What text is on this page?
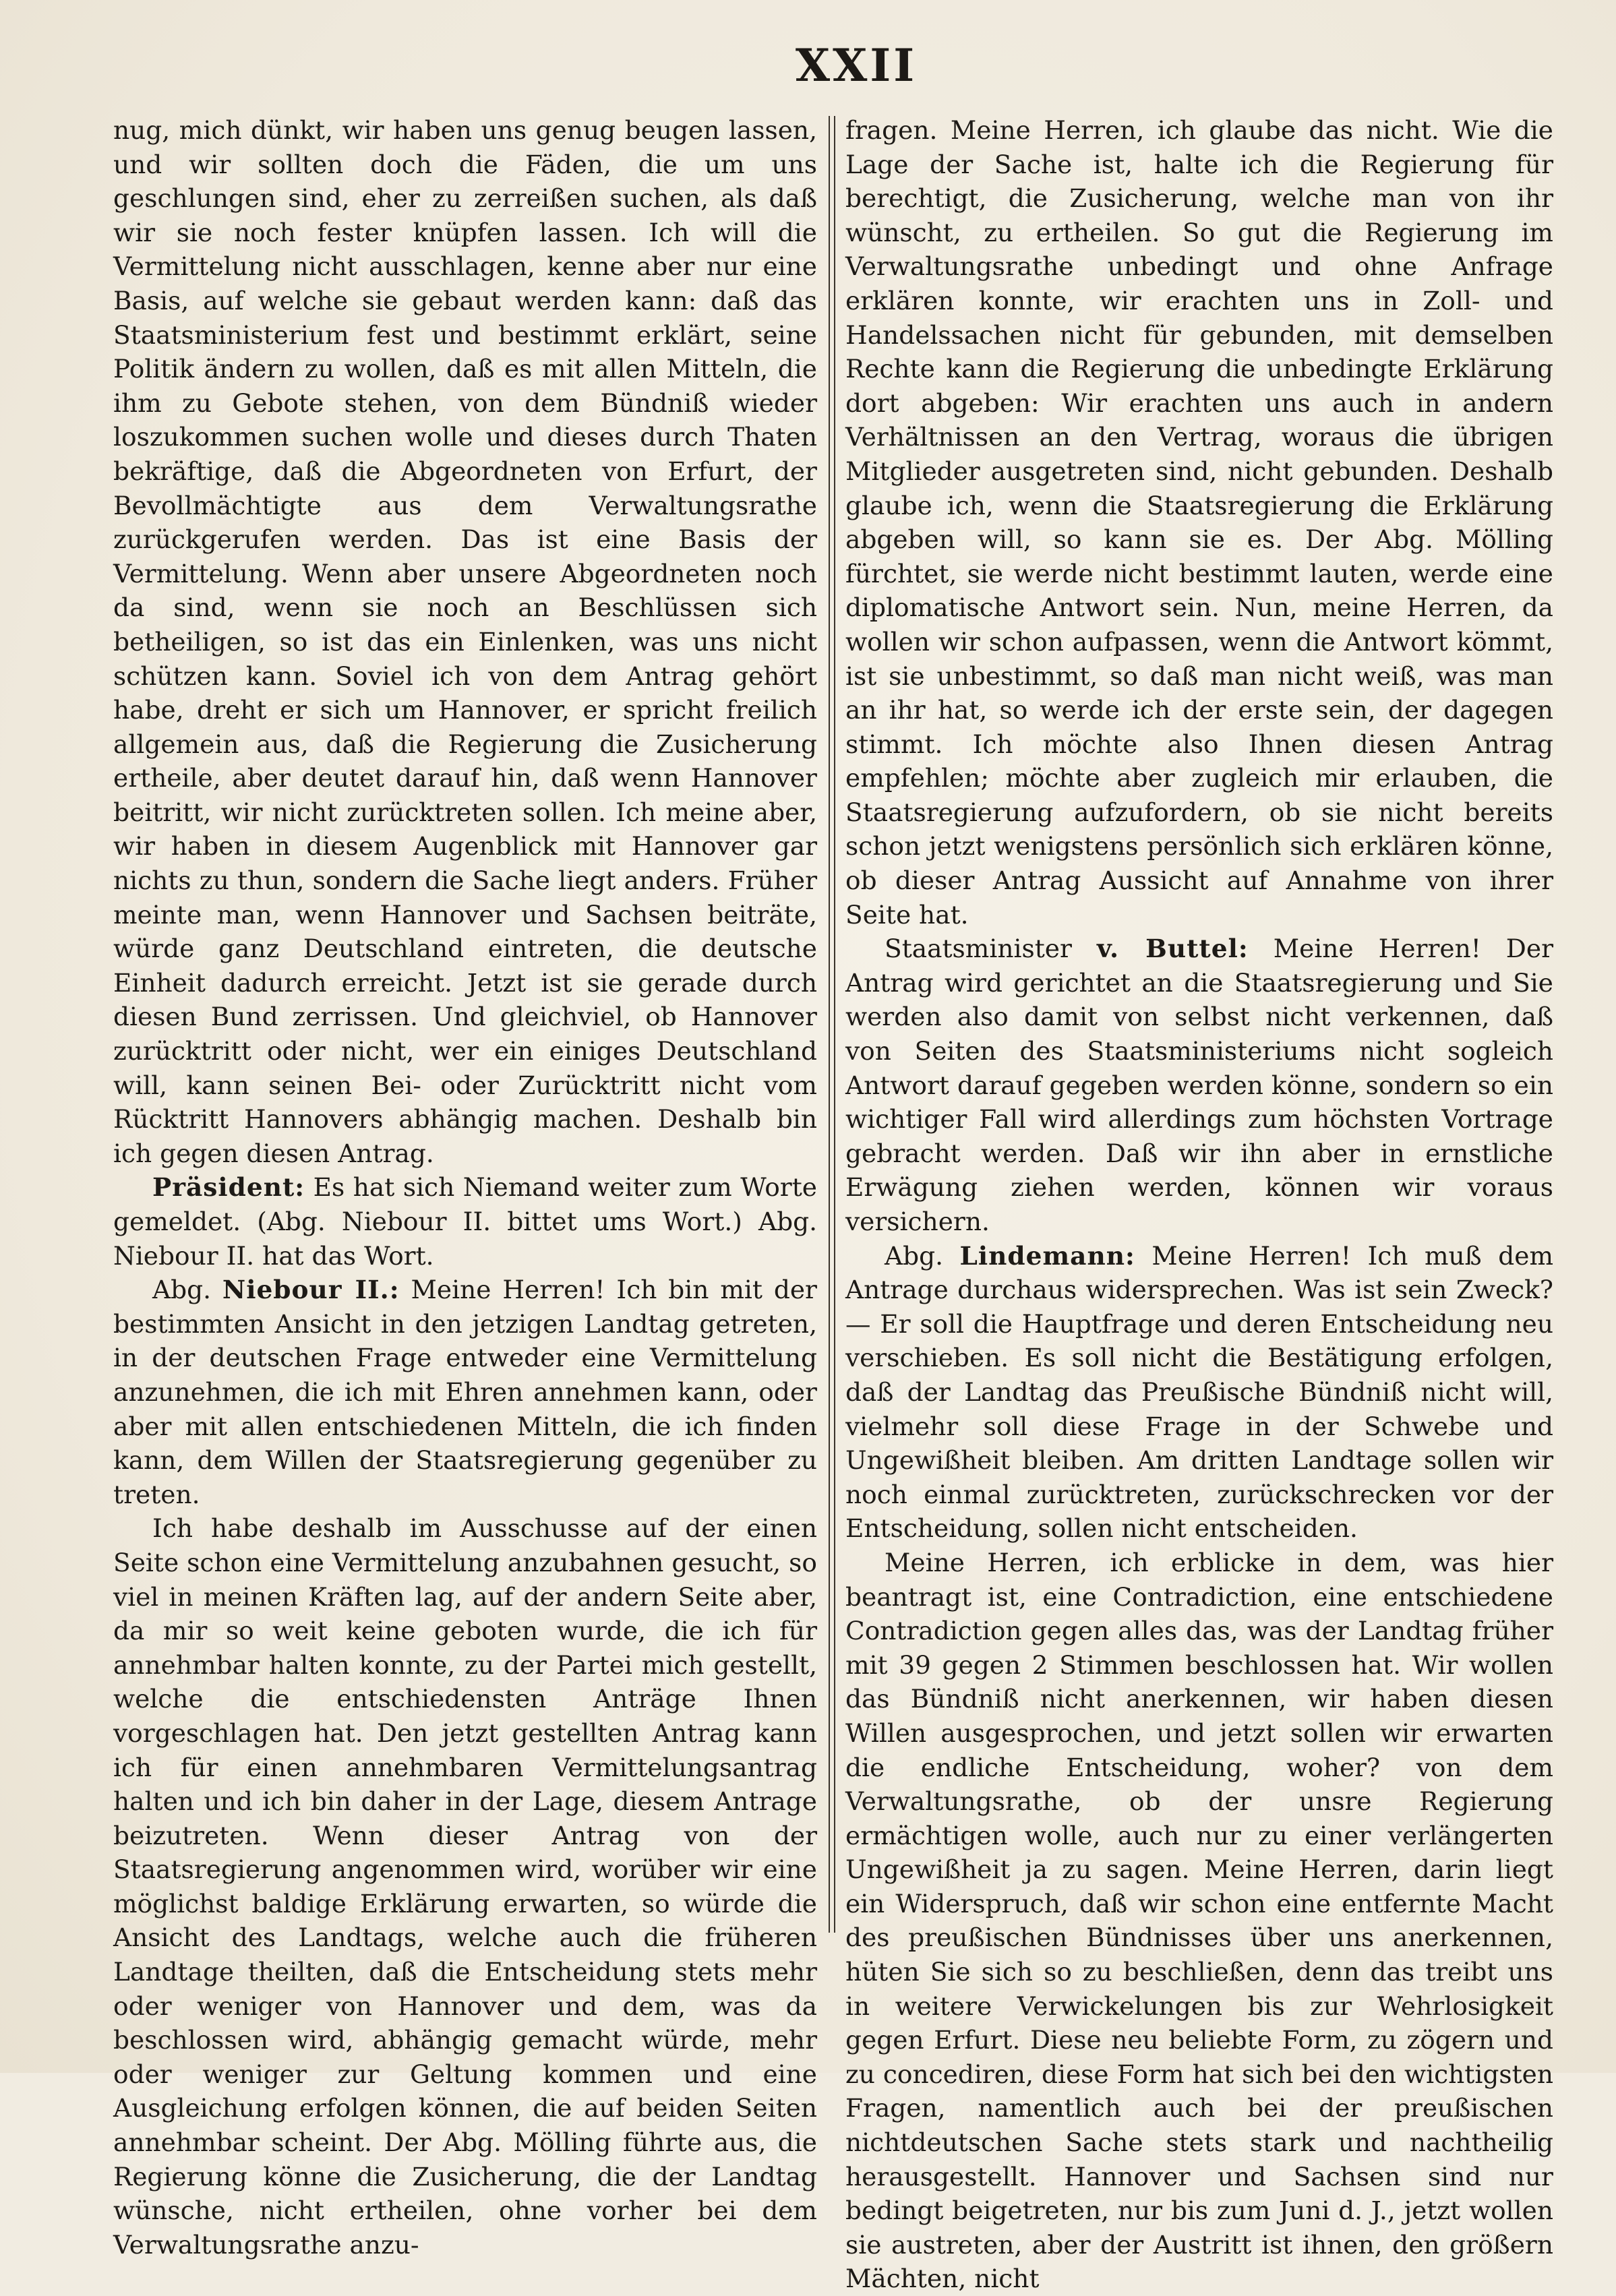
XXII

nug, mich dünkt, wir haben uns genug beugen lassen, und wir sollten doch die Fäden, die um uns geschlungen sind, eher zu zerreißen suchen, als daß wir sie noch fester knüpfen lassen. Ich will die Vermittelung nicht ausschlagen, kenne aber nur eine Basis, auf welche sie gebaut werden kann: daß das Staatsministerium fest und bestimmt erklärt, seine Politik ändern zu wollen, daß es mit allen Mitteln, die ihm zu Gebote stehen, von dem Bündniß wieder loszukommen suchen wolle und dieses durch Thaten bekräftige, daß die Abgeordneten von Erfurt, der Bevollmächtigte aus dem Verwaltungsrathe zurückgerufen werden. Das ist eine Basis der Vermittelung. Wenn aber unsere Abgeordneten noch da sind, wenn sie noch an Beschlüssen sich betheiligen, so ist das ein Einlenken, was uns nicht schützen kann. Soviel ich von dem Antrag gehört habe, dreht er sich um Hannover, er spricht freilich allgemein aus, daß die Regierung die Zusicherung ertheile, aber deutet darauf hin, daß wenn Hannover beitritt, wir nicht zurücktreten sollen. Ich meine aber, wir haben in diesem Augenblick mit Hannover gar nichts zu thun, sondern die Sache liegt anders. Früher meinte man, wenn Hannover und Sachsen beiträte, würde ganz Deutschland eintreten, die deutsche Einheit dadurch erreicht. Jetzt ist sie gerade durch diesen Bund zerrissen. Und gleichviel, ob Hannover zurücktritt oder nicht, wer ein einiges Deutschland will, kann seinen Bei- oder Zurücktritt nicht vom Rücktritt Hannovers abhängig machen. Deshalb bin ich gegen diesen Antrag.

Präsident: Es hat sich Niemand weiter zum Worte gemeldet. (Abg. Niebour II. bittet ums Wort.) Abg. Niebour II. hat das Wort.

Abg. Niebour II.: Meine Herren! Ich bin mit der bestimmten Ansicht in den jetzigen Landtag getreten, in der deutschen Frage entweder eine Vermittelung anzunehmen, die ich mit Ehren annehmen kann, oder aber mit allen entschiedenen Mitteln, die ich finden kann, dem Willen der Staatsregierung gegenüber zu treten.

Ich habe deshalb im Ausschusse auf der einen Seite schon eine Vermittelung anzubahnen gesucht, so viel in meinen Kräften lag, auf der andern Seite aber, da mir so weit keine geboten wurde, die ich für annehmbar halten konnte, zu der Partei mich gestellt, welche die entschiedensten Anträge Ihnen vorgeschlagen hat. Den jetzt gestellten Antrag kann ich für einen annehmbaren Vermittelungsantrag halten und ich bin daher in der Lage, diesem Antrage beizutreten. Wenn dieser Antrag von der Staatsregierung angenommen wird, worüber wir eine möglichst baldige Erklärung erwarten, so würde die Ansicht des Landtags, welche auch die früheren Landtage theilten, daß die Entscheidung stets mehr oder weniger von Hannover und dem, was da beschlossen wird, abhängig gemacht würde, mehr oder weniger zur Geltung kommen und eine Ausgleichung erfolgen können, die auf beiden Seiten annehmbar scheint. Der Abg. Mölling führte aus, die Regierung könne die Zusicherung, die der Landtag wünsche, nicht ertheilen, ohne vorher bei dem Verwaltungsrathe anzu-

fragen. Meine Herren, ich glaube das nicht. Wie die Lage der Sache ist, halte ich die Regierung für berechtigt, die Zusicherung, welche man von ihr wünscht, zu ertheilen. So gut die Regierung im Verwaltungsrathe unbedingt und ohne Anfrage erklären konnte, wir erachten uns in Zoll- und Handelssachen nicht für gebunden, mit demselben Rechte kann die Regierung die unbedingte Erklärung dort abgeben: Wir erachten uns auch in andern Verhältnissen an den Vertrag, woraus die übrigen Mitglieder ausgetreten sind, nicht gebunden. Deshalb glaube ich, wenn die Staatsregierung die Erklärung abgeben will, so kann sie es. Der Abg. Mölling fürchtet, sie werde nicht bestimmt lauten, werde eine diplomatische Antwort sein. Nun, meine Herren, da wollen wir schon aufpassen, wenn die Antwort kömmt, ist sie unbestimmt, so daß man nicht weiß, was man an ihr hat, so werde ich der erste sein, der dagegen stimmt. Ich möchte also Ihnen diesen Antrag empfehlen; möchte aber zugleich mir erlauben, die Staatsregierung aufzufordern, ob sie nicht bereits schon jetzt wenigstens persönlich sich erklären könne, ob dieser Antrag Aussicht auf Annahme von ihrer Seite hat.

Staatsminister v. Buttel: Meine Herren! Der Antrag wird gerichtet an die Staatsregierung und Sie werden also damit von selbst nicht verkennen, daß von Seiten des Staatsministeriums nicht sogleich Antwort darauf gegeben werden könne, sondern so ein wichtiger Fall wird allerdings zum höchsten Vortrage gebracht werden. Daß wir ihn aber in ernstliche Erwägung ziehen werden, können wir voraus versichern.

Abg. Lindemann: Meine Herren! Ich muß dem Antrage durchaus widersprechen. Was ist sein Zweck? — Er soll die Hauptfrage und deren Entscheidung neu verschieben. Es soll nicht die Bestätigung erfolgen, daß der Landtag das Preußische Bündniß nicht will, vielmehr soll diese Frage in der Schwebe und Ungewißheit bleiben. Am dritten Landtage sollen wir noch einmal zurücktreten, zurückschrecken vor der Entscheidung, sollen nicht entscheiden.

Meine Herren, ich erblicke in dem, was hier beantragt ist, eine Contradiction, eine entschiedene Contradiction gegen alles das, was der Landtag früher mit 39 gegen 2 Stimmen beschlossen hat. Wir wollen das Bündniß nicht anerkennen, wir haben diesen Willen ausgesprochen, und jetzt sollen wir erwarten die endliche Entscheidung, woher? von dem Verwaltungsrathe, ob der unsre Regierung ermächtigen wolle, auch nur zu einer verlängerten Ungewißheit ja zu sagen. Meine Herren, darin liegt ein Widerspruch, daß wir schon eine entfernte Macht des preußischen Bündnisses über uns anerkennen, hüten Sie sich so zu beschließen, denn das treibt uns in weitere Verwickelungen bis zur Wehrlosigkeit gegen Erfurt. Diese neu beliebte Form, zu zögern und zu concediren, diese Form hat sich bei den wichtigsten Fragen, namentlich auch bei der preußischen nichtdeutschen Sache stets stark und nachtheilig herausgestellt. Hannover und Sachsen sind nur bedingt beigetreten, nur bis zum Juni d. J., jetzt wollen sie austreten, aber der Austritt ist ihnen, den größern Mächten, nicht
